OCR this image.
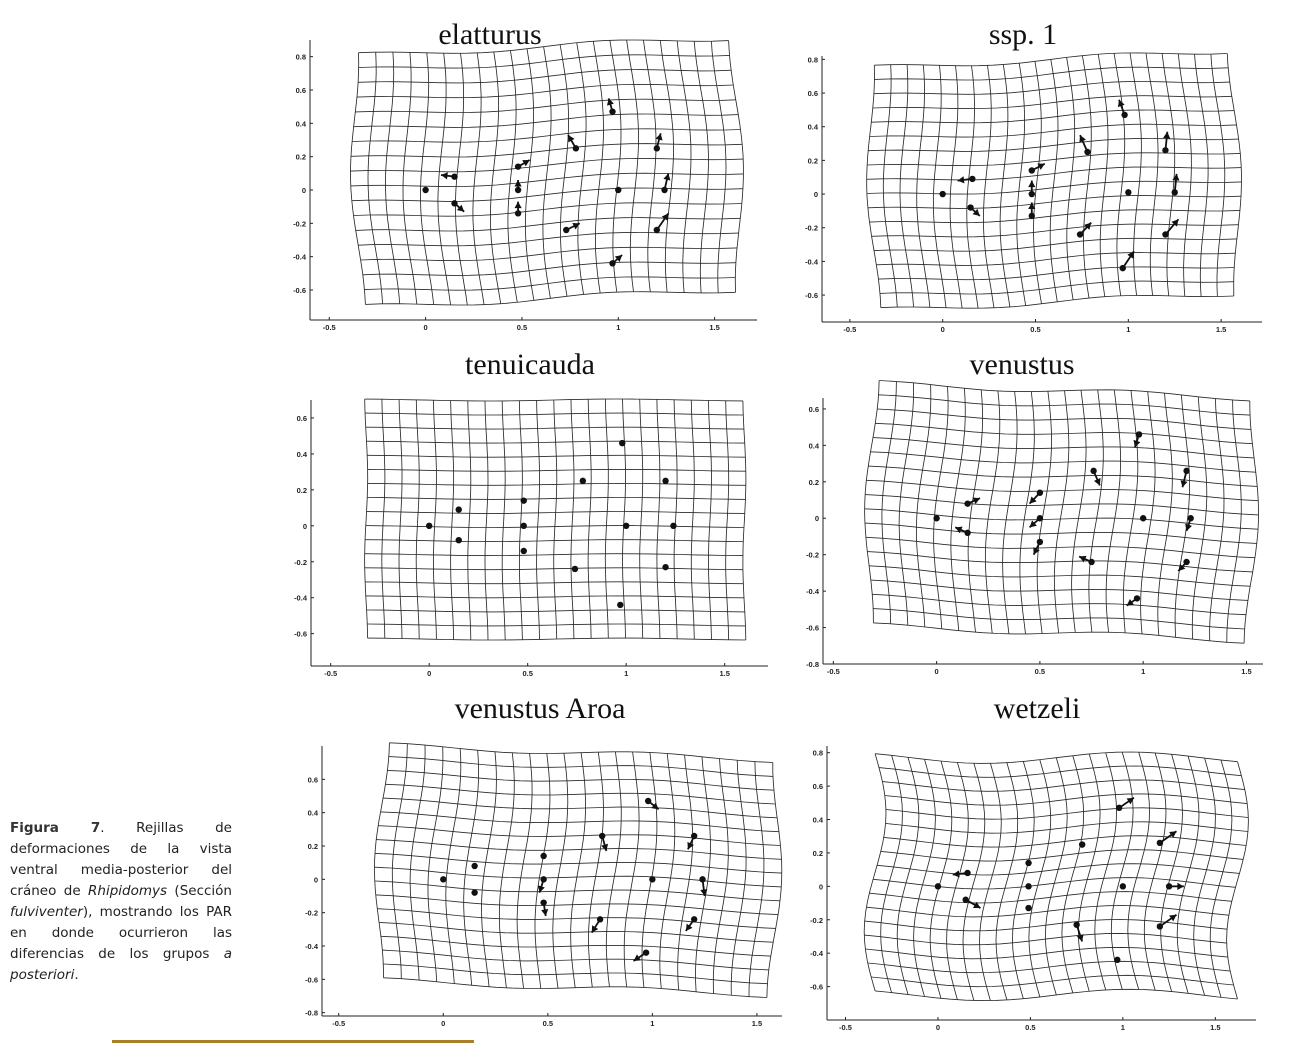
elatturus
-0.5	0	0.5	1	1.5
-0.6
-0.4
-0.2
0
0.2
0.4
0.6
0.8
ssp. 1
-0.5	0	0.5	1	1.5
-0.6
-0.4
-0.2
0
0.2
0.4
0.6
0.8
tenuicauda
-0.5	0	0.5	1	1.5
-0.6
-0.4
-0.2
0
0.2
0.4
0.6
venustus
-0.5	0	0.5	1	1.5
-0.8
-0.6
-0.4
-0.2
0
0.2
0.4
0.6
venustus Aroa
-0.5	0	0.5	1	1.5
-0.8
-0.6
-0.4
-0.2
0
0.2
0.4
0.6
wetzeli
-0.5	0	0.5	1	1.5
-0.6
-0.4
-0.2
0
0.2
0.4
0.6
0.8
Figura 7. Rejillas de deformaciones de la vista ventral media-posterior del cráneo de Rhipidomys (Sección fulviventer), mostrando los PAR en donde ocurrieron las diferencias de los grupos a posteriori.
